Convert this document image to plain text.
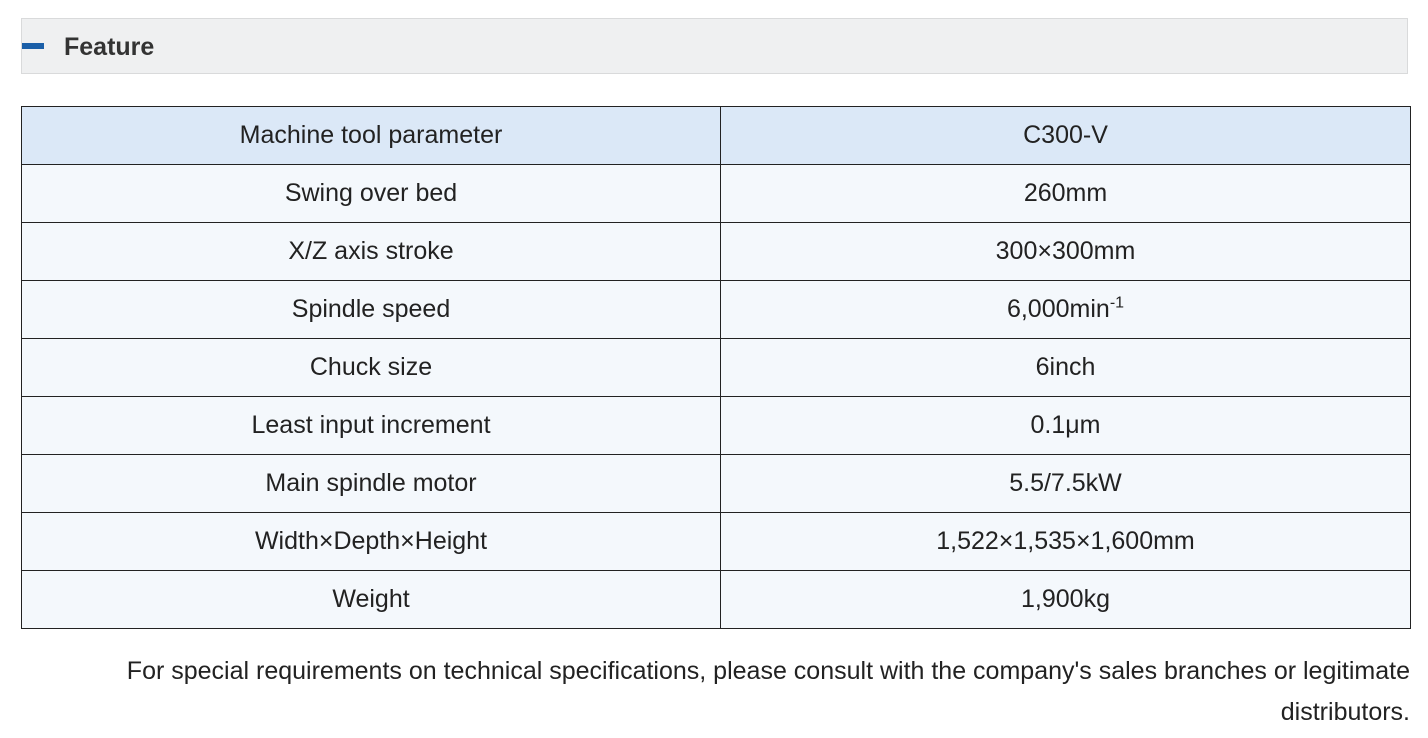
Feature
Machine tool parameter	C300-V
Swing over bed	260mm
X/Z axis stroke	300×300mm
Spindle speed	$6,000\min^{-1}$
Chuck size	6inch
Least input increment	0.1μm
Main spindle motor	5.5/7.5kW
Width×Depth×Height	1,522×1,535×1,600mm
Weight	1,900kg
For special requirements on technical specifications, please consult with the company's sales branches or legitimate distributors.
